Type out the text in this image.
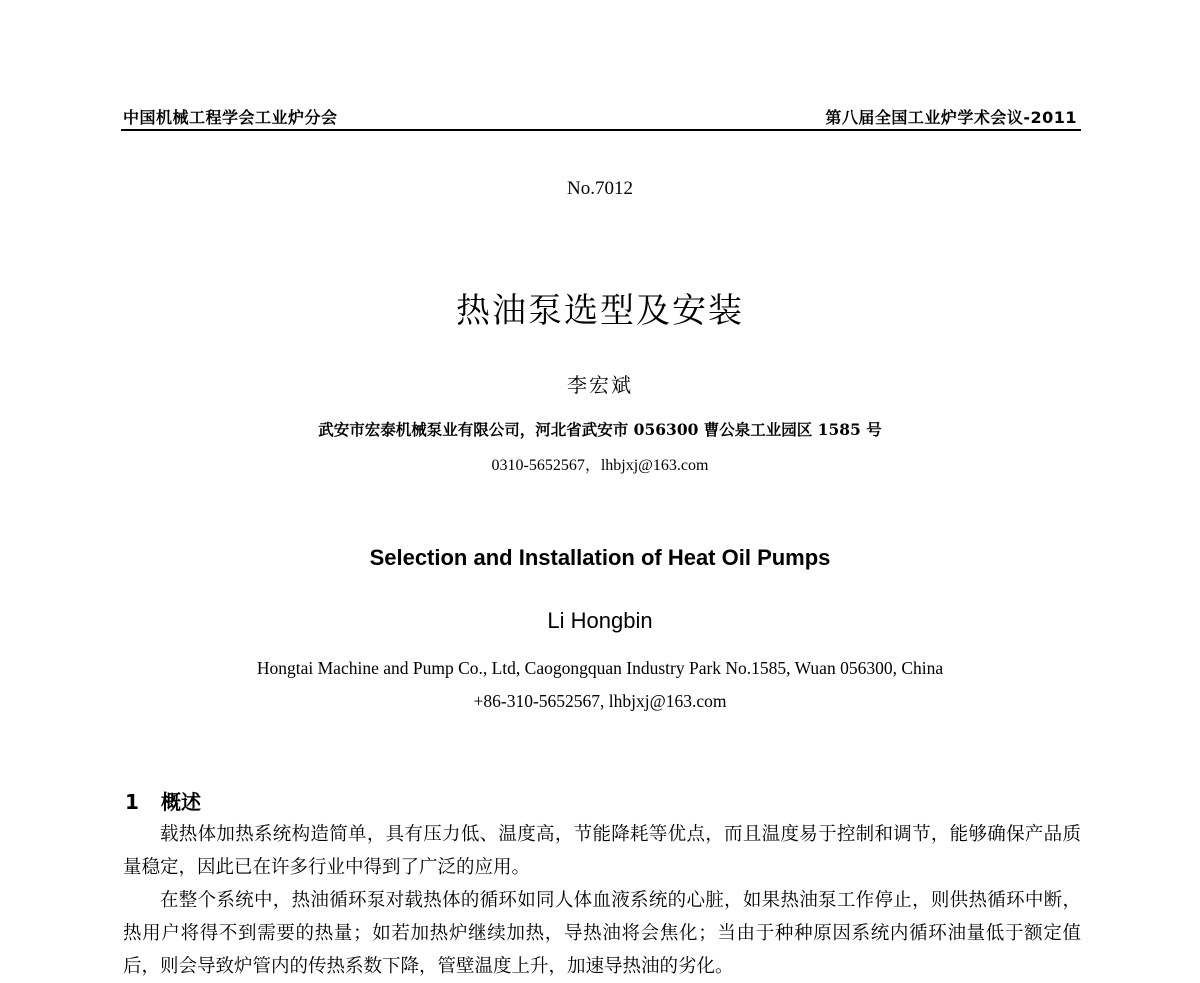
中国机械工程学会工业炉分会	第八届全国工业炉学术会议-2011
No.7012
热油泵选型及安装
李宏斌
武安市宏泰机械泵业有限公司，河北省武安市 056300 曹公泉工业园区 1585 号
0310-5652567，lhbjxj@163.com
Selection and Installation of Heat Oil Pumps
Li Hongbin
Hongtai Machine and Pump Co., Ltd, Caogongquan Industry Park No.1585, Wuan 056300, China
+86-310-5652567, lhbjxj@163.com
1 概述

载热体加热系统构造简单，具有压力低、温度高，节能降耗等优点，而且温度易于控制和调节，能够确保产品质量稳定，因此已在许多行业中得到了广泛的应用。

在整个系统中，热油循环泵对载热体的循环如同人体血液系统的心脏，如果热油泵工作停止，则供热循环中断，热用户将得不到需要的热量；如若加热炉继续加热，导热油将会焦化；当由于种种原因系统内循环油量低于额定值后，则会导致炉管内的传热系数下降，管壁温度上升，加速导热油的劣化。
